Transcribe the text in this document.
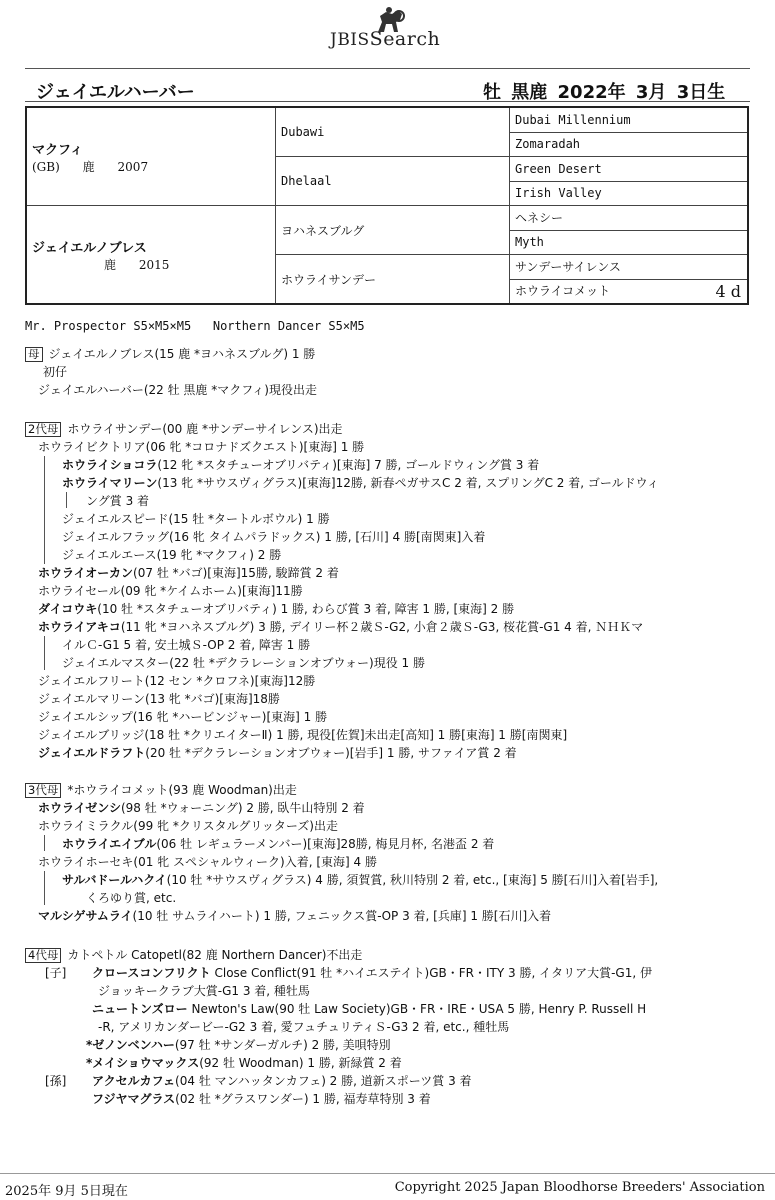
JBISSearch
ジェイエルハーバー	牡 黒鹿 2022年 3月 3日生
マクフィ
(GB)      鹿      2007	Dubawi	Dubai Millennium
		Zomaradah
	Dhelaal	Green Desert
		Irish Valley

ジェイエルノブレス
鹿      2015	ヨハネスブルグ	ヘネシー
		Myth
	ホウライサンデー	サンデーサイレンス
		ホウライコメット 4 d
Mr. Prospector S5×M5×M5   Northern Dancer S5×M5
母 ジェイエルノブレス(15 鹿 *ヨハネスブルグ) 1 勝
初仔
ジェイエルハーバー(22 牡 黒鹿 *マクフィ)現役出走
2代母 ホウライサンデー(00 鹿 *サンデーサイレンス)出走
ホウライビクトリア(06 牝 *コロナドズクエスト)[東海] 1 勝
ホウライショコラ(12 牝 *スタチューオブリバティ)[東海] 7 勝, ゴールドウィング賞 3 着
ホウライマリーン(13 牝 *サウスヴィグラス)[東海]12勝, 新春ペガサスC 2 着, スプリングC 2 着, ゴールドウィ
ング賞 3 着
ジェイエルスピード(15 牡 *タートルボウル) 1 勝
ジェイエルフラッグ(16 牝 タイムパラドックス) 1 勝, [石川] 4 勝[南関東]入着
ジェイエルエース(19 牝 *マクフィ) 2 勝
ホウライオーカン(07 牡 *バゴ)[東海]15勝, 駿蹄賞 2 着
ホウライセール(09 牝 *ケイムホーム)[東海]11勝
ダイコウキ(10 牡 *スタチューオブリバティ) 1 勝, わらび賞 3 着, 障害 1 勝, [東海] 2 勝
ホウライアキコ(11 牝 *ヨハネスブルグ) 3 勝, デイリー杯２歳Ｓ-G2, 小倉２歳Ｓ-G3, 桜花賞-G1 4 着, ＮＨＫマ
イルＣ-G1 5 着, 安土城Ｓ-OP 2 着, 障害 1 勝
ジェイエルマスター(22 牡 *デクラレーションオブウォー)現役 1 勝
ジェイエルフリート(12 セン *クロフネ)[東海]12勝
ジェイエルマリーン(13 牝 *バゴ)[東海]18勝
ジェイエルシップ(16 牝 *ハービンジャー)[東海] 1 勝
ジェイエルブリッジ(18 牡 *クリエイターⅡ) 1 勝, 現役[佐賀]未出走[高知] 1 勝[東海] 1 勝[南関東]
ジェイエルドラフト(20 牡 *デクラレーションオブウォー)[岩手] 1 勝, サファイア賞 2 着
3代母 *ホウライコメット(93 鹿 Woodman)出走
ホウライゼンシ(98 牡 *ウォーニング) 2 勝, 臥牛山特別 2 着
ホウライミラクル(99 牝 *クリスタルグリッターズ)出走
ホウライエイブル(06 牡 レギュラーメンバー)[東海]28勝, 梅見月杯, 名港盃 2 着
ホウライホーセキ(01 牝 スペシャルウィーク)入着, [東海] 4 勝
サルバドールハクイ(10 牡 *サウスヴィグラス) 4 勝, 須賀賞, 秋川特別 2 着, etc., [東海] 5 勝[石川]入着[岩手],
くろゆり賞, etc.
マルシゲサムライ(10 牡 サムライハート) 1 勝, フェニックス賞-OP 3 着, [兵庫] 1 勝[石川]入着
4代母 カトペトル Catopetl(82 鹿 Northern Dancer)不出走
[子] クロースコンフリクト Close Conflict(91 牡 *ハイエステイト)GB・FR・ITY 3 勝, イタリア大賞-G1, 伊
ジョッキークラブ大賞-G1 3 着, 種牡馬
ニュートンズロー Newton's Law(90 牡 Law Society)GB・FR・IRE・USA 5 勝, Henry P. Russell H
-R, アメリカンダービー-G2 3 着, 愛フュチュリティＳ-G3 2 着, etc., 種牡馬
*ゼノンベンハー(97 牡 *サンダーガルチ) 2 勝, 美唄特別
*メイショウマックス(92 牡 Woodman) 1 勝, 新緑賞 2 着
[孫] アクセルカフェ(04 牡 マンハッタンカフェ) 2 勝, 道新スポーツ賞 3 着
フジヤマグラス(02 牡 *グラスワンダー) 1 勝, 福寿草特別 3 着
2025年 9月 5日現在	Copyright 2025 Japan Bloodhorse Breeders' Association
